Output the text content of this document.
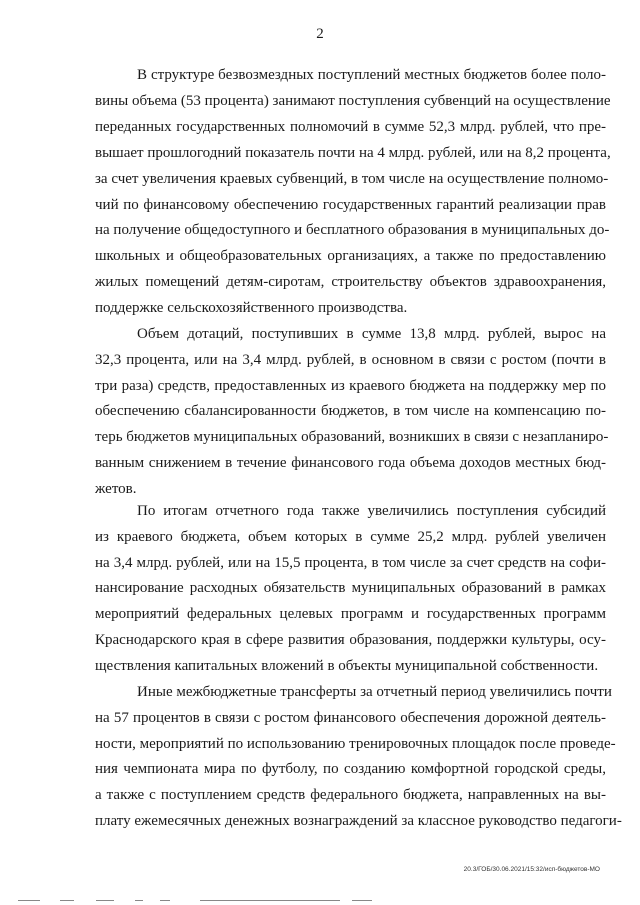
2
В структуре безвозмездных поступлений местных бюджетов более поло-
вины объема (53 процента) занимают поступления субвенций на осуществление
переданных государственных полномочий в сумме 52,3 млрд. рублей, что пре-
вышает прошлогодний показатель почти на 4 млрд. рублей, или на 8,2 процента,
за счет увеличения краевых субвенций, в том числе на осуществление полномо-
чий по финансовому обеспечению государственных гарантий реализации прав
на получение общедоступного и бесплатного образования в муниципальных до-
школьных и общеобразовательных организациях, а также по предоставлению
жилых помещений детям-сиротам, строительству объектов здравоохранения,
поддержке сельскохозяйственного производства.
Объем дотаций, поступивших в сумме 13,8 млрд. рублей, вырос на
32,3 процента, или на 3,4 млрд. рублей, в основном в связи с ростом (почти в
три раза) средств, предоставленных из краевого бюджета на поддержку мер по
обеспечению сбалансированности бюджетов, в том числе на компенсацию по-
терь бюджетов муниципальных образований, возникших в связи с незапланиро-
ванным снижением в течение финансового года объема доходов местных бюд-
жетов.
По итогам отчетного года также увеличились поступления субсидий
из краевого бюджета, объем которых в сумме 25,2 млрд. рублей увеличен
на 3,4 млрд. рублей, или на 15,5 процента, в том числе за счет средств на софи-
нансирование расходных обязательств муниципальных образований в рамках
мероприятий федеральных целевых программ и государственных программ
Краснодарского края в сфере развития образования, поддержки культуры, осу-
ществления капитальных вложений в объекты муниципальной собственности.
Иные межбюджетные трансферты за отчетный период увеличились почти
на 57 процентов в связи с ростом финансового обеспечения дорожной деятель-
ности, мероприятий по использованию тренировочных площадок после проведе-
ния чемпионата мира по футболу, по созданию комфортной городской среды,
а также с поступлением средств федерального бюджета, направленных на вы-
плату ежемесячных денежных вознаграждений за классное руководство педагоги-
20.3/ГОБ/30.06.2021/15:32/исп-бюджетов-МО
